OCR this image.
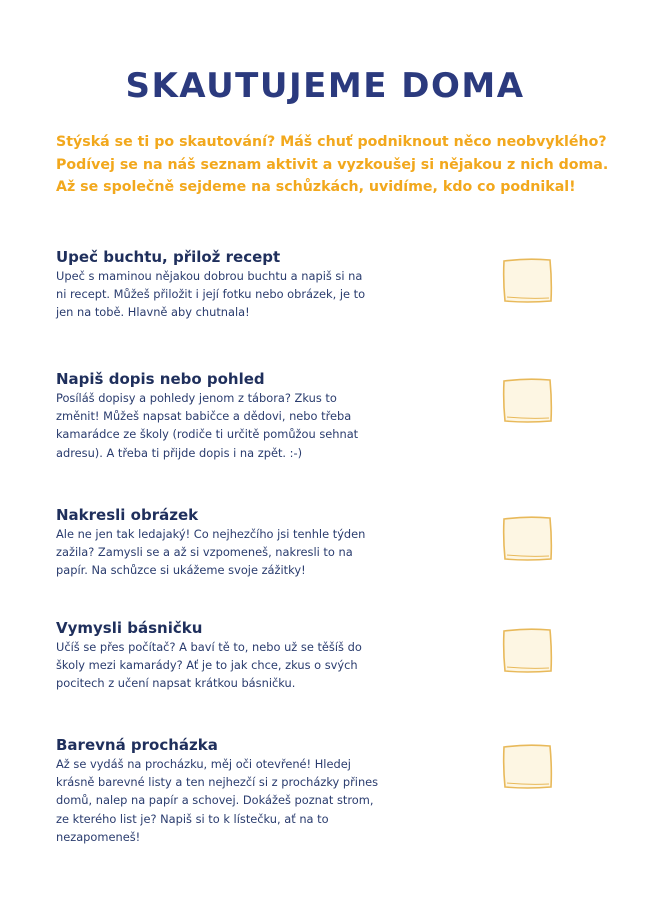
SKAUTUJEME DOMA

Stýská se ti po skautování? Máš chuť podniknout něco neobvyklého?
Podívej se na náš seznam aktivit a vyzkoušej si nějakou z nich doma.
Až se společně sejdeme na schůzkách, uvidíme, kdo co podnikal!

Upeč buchtu, přilož recept
Upeč s maminou nějakou dobrou buchtu a napiš si na
ni recept. Můžeš přiložit i její fotku nebo obrázek, je to
jen na tobě. Hlavně aby chutnala!
Napiš dopis nebo pohled
Posíláš dopisy a pohledy jenom z tábora? Zkus to
změnit! Můžeš napsat babičce a dědovi, nebo třeba
kamarádce ze školy (rodiče ti určitě pomůžou sehnat
adresu). A třeba ti přijde dopis i na zpět. :-)
Nakresli obrázek
Ale ne jen tak ledajaký! Co nejhezčího jsi tenhle týden
zažila? Zamysli se a až si vzpomeneš, nakresli to na
papír. Na schůzce si ukážeme svoje zážitky!
Vymysli básničku
Učíš se přes počítač? A baví tě to, nebo už se těšíš do
školy mezi kamarády? Ať je to jak chce, zkus o svých
pocitech z učení napsat krátkou básničku.
Barevná procházka
Až se vydáš na procházku, měj oči otevřené! Hledej
krásně barevné listy a ten nejhezčí si z procházky přines
domů, nalep na papír a schovej. Dokážeš poznat strom,
ze kterého list je? Napiš si to k lístečku, ať na to
nezapomeneš!
